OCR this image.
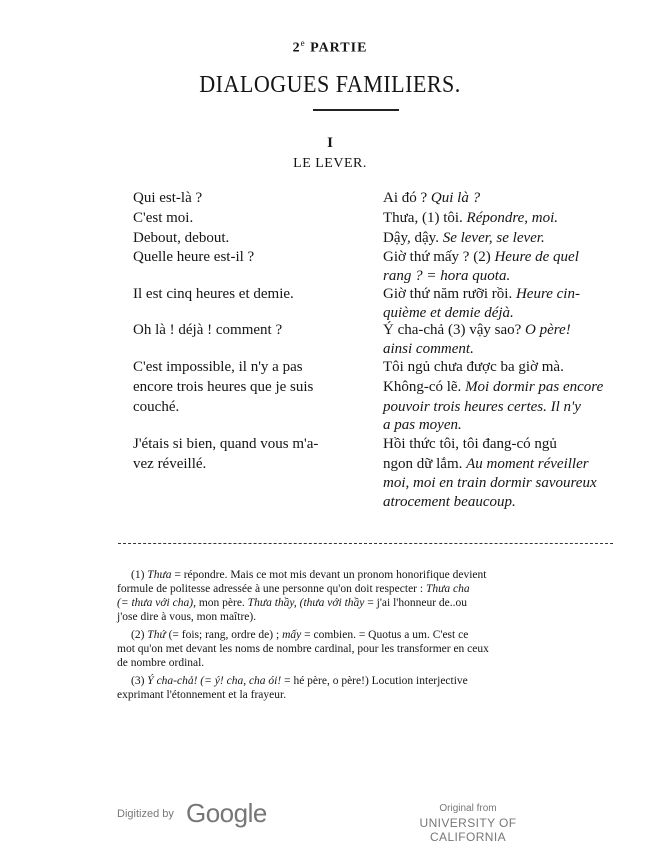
2e PARTIE
DIALOGUES FAMILIERS.
I
LE LEVER.
Qui est-là ?
C'est moi.
Debout, debout.
Quelle heure est-il ?
Il est cinq heures et demie.
Oh là ! déjà ! comment ?
C'est impossible, il n'y a pas
encore trois heures que je suis
couché.
J'étais si bien, quand vous m'a-
vez réveillé.
Ai đó ? Qui là ?
Thưa, (1) tôi. Répondre, moi.
Dậy, dậy. Se lever, se lever.
Giờ thứ mấy ? (2) Heure de quel
rang ? = hora quota.
Giờ thứ năm rưỡi rồi. Heure cin-
quième et demie déjà.
Ý cha-chả (3) vậy sao? O père!
ainsi comment.
Tôi ngủ chưa được ba giờ mà.
Không-có lẽ. Moi dormir pas encore
pouvoir trois heures certes. Il n'y
a pas moyen.
Hồi thức tôi, tôi đang-có ngủ
ngon dữ lắm. Au moment réveiller
moi, moi en train dormir savoureux
atrocement beaucoup.
(1) Thưa = répondre. Mais ce mot mis devant un pronom honorifique devient
formule de politesse adressée à une personne qu'on doit respecter : Thưa cha
(= thưa với cha), mon père. Thưa thầy, (thưa với thầy = j'ai l'honneur de..ou
j'ose dire à vous, mon maître).
(2) Thứ (= fois; rang, ordre de) ; mấy = combien. = Quotus a um. C'est ce
mot qu'on met devant les noms de nombre cardinal, pour les transformer en ceux
de nombre ordinal.
(3) Ý cha-chả! (= ý! cha, cha ói! = hé père, o père!) Locution interjective
exprimant l'étonnement et la frayeur.
Digitized by Google	Original from
UNIVERSITY OF CALIFORNIA
